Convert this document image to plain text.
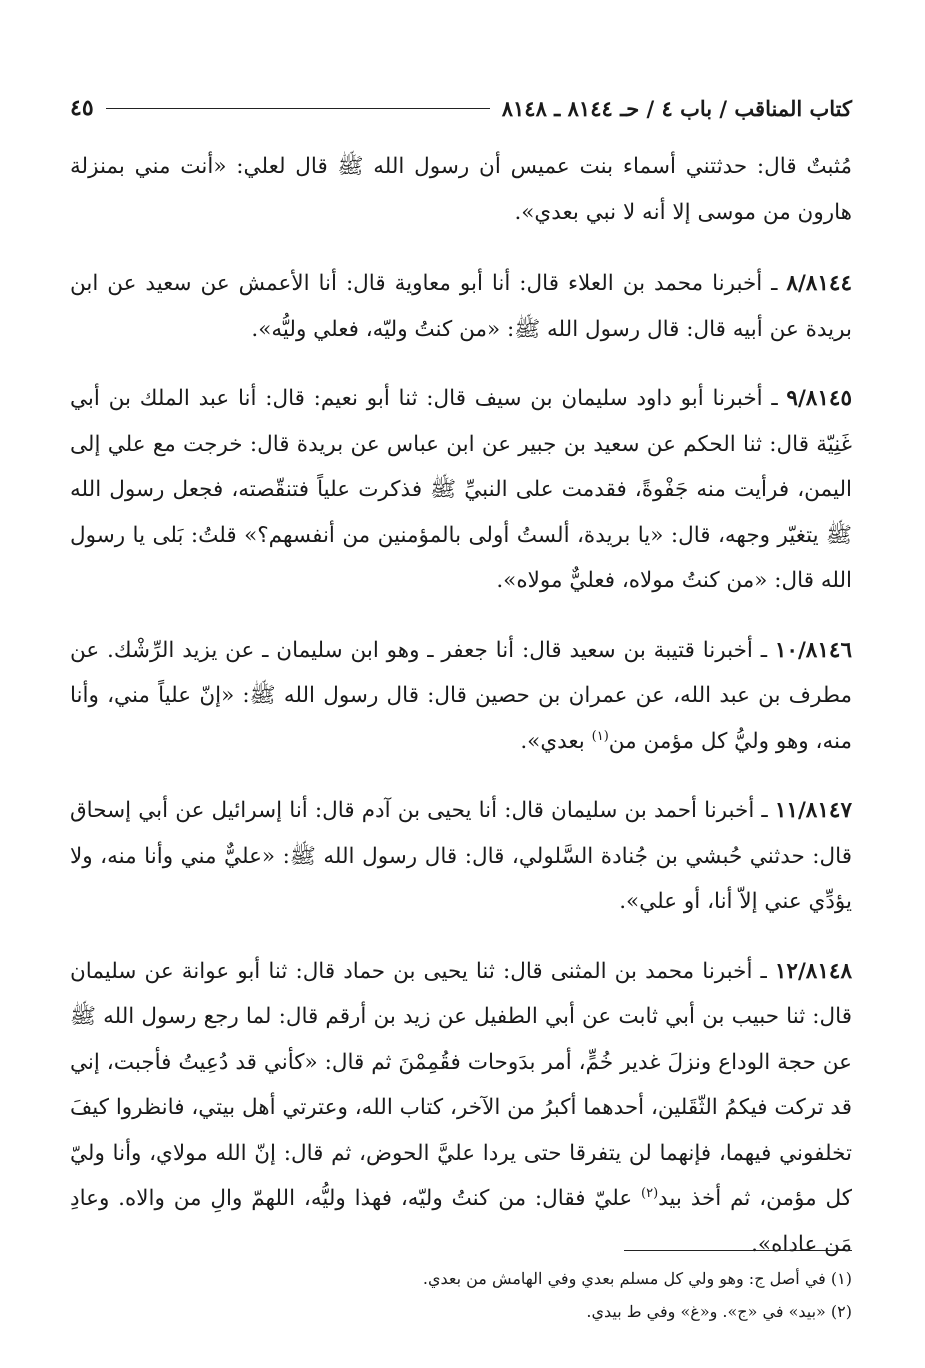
كتاب المناقب / باب ٤ / حـ ٨١٤٤ ـ ٨١٤٨
٤٥

مُثبتٌ قال: حدثتني أسماء بنت عميس أن رسول الله ﷺ قال لعلي: «أنت مني بمنزلة هارون من موسى إلا أنه لا نبي بعدي».

٨/٨١٤٤ ـ أخبرنا محمد بن العلاء قال: أنا أبو معاوية قال: أنا الأعمش عن سعيد عن ابن بريدة عن أبيه قال: قال رسول الله ﷺ: «من كنتُ وليّه، فعلي وليُّه».

٩/٨١٤٥ ـ أخبرنا أبو داود سليمان بن سيف قال: ثنا أبو نعيم: قال: أنا عبد الملك بن أبي غَنِيّة قال: ثنا الحكم عن سعيد بن جبير عن ابن عباس عن بريدة قال: خرجت مع علي إلى اليمن، فرأيت منه جَفْوةً، فقدمت على النبيِّ ﷺ فذكرت علياً فتنقّصته، فجعل رسول الله ﷺ يتغيّر وجهه، قال: «يا بريدة، ألستُ أولى بالمؤمنين من أنفسهم؟» قلتُ: بَلى يا رسول الله قال: «من كنتُ مولاه، فعليٌّ مولاه».

١٠/٨١٤٦ ـ أخبرنا قتيبة بن سعيد قال: أنا جعفر ـ وهو ابن سليمان ـ عن يزيد الرِّشْك. عن مطرف بن عبد الله، عن عمران بن حصين قال: قال رسول الله ﷺ: «إنّ علياً مني، وأنا منه، وهو وليُّ كل مؤمن من$^{(١)}$ بعدي».

١١/٨١٤٧ ـ أخبرنا أحمد بن سليمان قال: أنا يحيى بن آدم قال: أنا إسرائيل عن أبي إسحاق قال: حدثني حُبشي بن جُنادة السَّلولي، قال: قال رسول الله ﷺ: «عليٌّ مني وأنا منه، ولا يؤدِّي عني إلاّ أنا، أو علي».

١٢/٨١٤٨ ـ أخبرنا محمد بن المثنى قال: ثنا يحيى بن حماد قال: ثنا أبو عوانة عن سليمان قال: ثنا حبيب بن أبي ثابت عن أبي الطفيل عن زيد بن أرقم قال: لما رجع رسول الله ﷺ عن حجة الوداع ونزلَ غدير خُمٍّ، أمر بدَوحات فقُمِمْنَ ثم قال: «كأني قد دُعِيتُ فأجبت، إني قد تركت فيكمُ الثّقَلين، أحدهما أكبرُ من الآخر، كتاب الله، وعترتي أهل بيتي، فانظروا كيفَ تخلفوني فيهما، فإنهما لن يتفرقا حتى يردا عليَّ الحوض، ثم قال: إنّ الله مولاي، وأنا وليّ كل مؤمن، ثم أخذ بيد$^{(٢)}$ عليّ فقال: من كنتُ وليّه، فهذا وليُّه، اللهمّ والِ من والاه. وعادِ مَن عاداه».

(١) في أصل ج: وهو ولي كل مسلم بعدي وفي الهامش من بعدي.
(٢) «بيد» في «ج». و«غ» وفي ط بيدي.
